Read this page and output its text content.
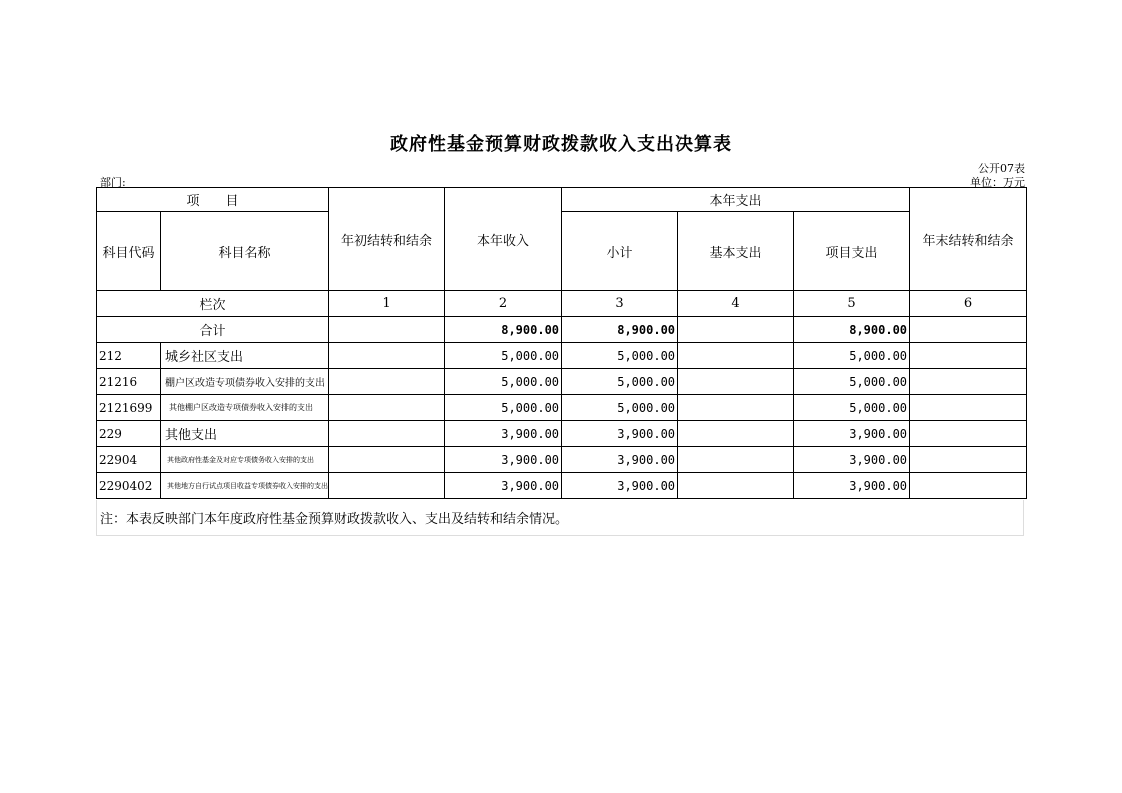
政府性基金预算财政拨款收入支出决算表
公开07表
部门:	单位：万元
项　　目		年初结转和结余	本年收入	本年支出			年末结转和结余
科目代码	科目名称			小计	基本支出	项目支出	
栏次		1	2	3	4	5	6
合计			8,900.00	8,900.00		8,900.00	
212	城乡社区支出		5,000.00	5,000.00		5,000.00	
21216	棚户区改造专项债券收入安排的支出		5,000.00	5,000.00		5,000.00	
2121699	其他棚户区改造专项债券收入安排的支出		5,000.00	5,000.00		5,000.00	
229	其他支出		3,900.00	3,900.00		3,900.00	
22904	其他政府性基金及对应专项债务收入安排的支出		3,900.00	3,900.00		3,900.00	
2290402	其他地方自行试点项目收益专项债券收入安排的支出		3,900.00	3,900.00		3,900.00	
注：本表反映部门本年度政府性基金预算财政拨款收入、支出及结转和结余情况。
